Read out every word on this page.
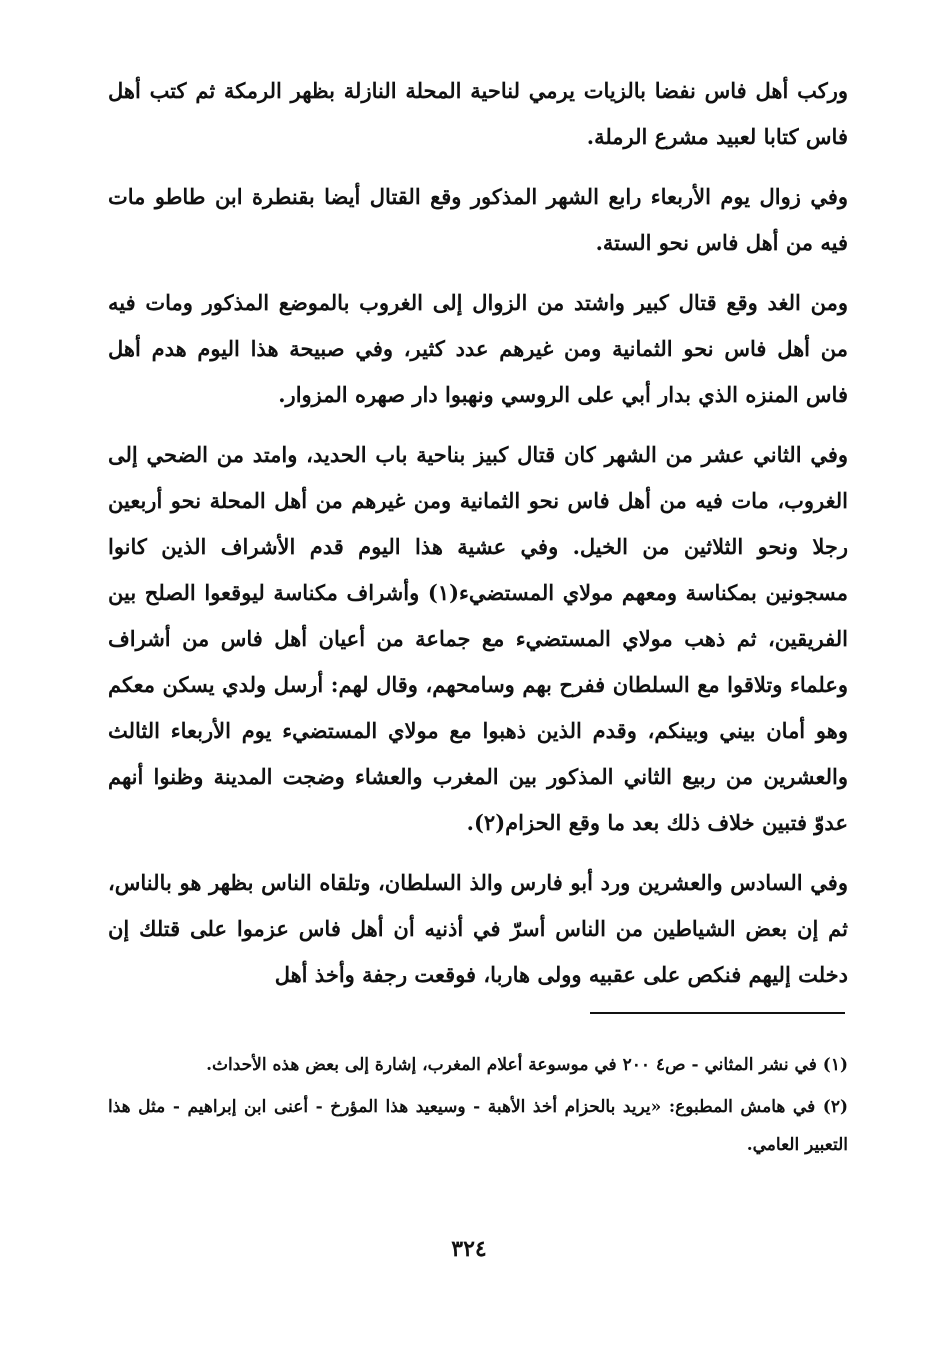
وركب أهل فاس نفضا بالزيات يرمي لناحية المحلة النازلة بظهر الرمكة ثم كتب أهل فاس كتابا لعبيد مشرع الرملة.

وفي زوال يوم الأربعاء رابع الشهر المذكور وقع القتال أيضا بقنطرة ابن طاطو مات فيه من أهل فاس نحو الستة.

ومن الغد وقع قتال كبير واشتد من الزوال إلى الغروب بالموضع المذكور ومات فيه من أهل فاس نحو الثمانية ومن غيرهم عدد كثير، وفي صبيحة هذا اليوم هدم أهل فاس المنزه الذي بدار أبي على الروسي ونهبوا دار صهره المزوار.

وفي الثاني عشر من الشهر كان قتال كبيز بناحية باب الحديد، وامتد من الضحي إلى الغروب، مات فيه من أهل فاس نحو الثمانية ومن غيرهم من أهل المحلة نحو أربعين رجلا ونحو الثلاثين من الخيل. وفي عشية هذا اليوم قدم الأشراف الذين كانوا مسجونين بمكناسة ومعهم مولاي المستضيء(١) وأشراف مكناسة ليوقعوا الصلح بين الفريقين، ثم ذهب مولاي المستضيء مع جماعة من أعيان أهل فاس من أشراف وعلماء وتلاقوا مع السلطان ففرح بهم وسامحهم، وقال لهم: أرسل ولدي يسكن معكم وهو أمان بيني وبينكم، وقدم الذين ذهبوا مع مولاي المستضيء يوم الأربعاء الثالث والعشرين من ربيع الثاني المذكور بين المغرب والعشاء وضجت المدينة وظنوا أنهم عدوّ فتبين خلاف ذلك بعد ما وقع الحزام(٢).

وفي السادس والعشرين ورد أبو فارس والذ السلطان، وتلقاه الناس بظهر هو بالناس، ثم إن بعض الشياطين من الناس أسرّ في أذنيه أن أهل فاس عزموا على قتلك إن دخلت إليهم فنكص على عقبيه وولى هاربا، فوقعت رجفة وأخذ أهل

(١) في نشر المثاني - ص٤ ٢٠٠ في موسوعة أعلام المغرب، إشارة إلى بعض هذه الأحداث.

(٢) في هامش المطبوع: «يريد بالحزام أخذ الأهبة - وسيعيد هذا المؤرخ - أعنى ابن إبراهيم - مثل هذا التعبير العامي.

٣٢٤
